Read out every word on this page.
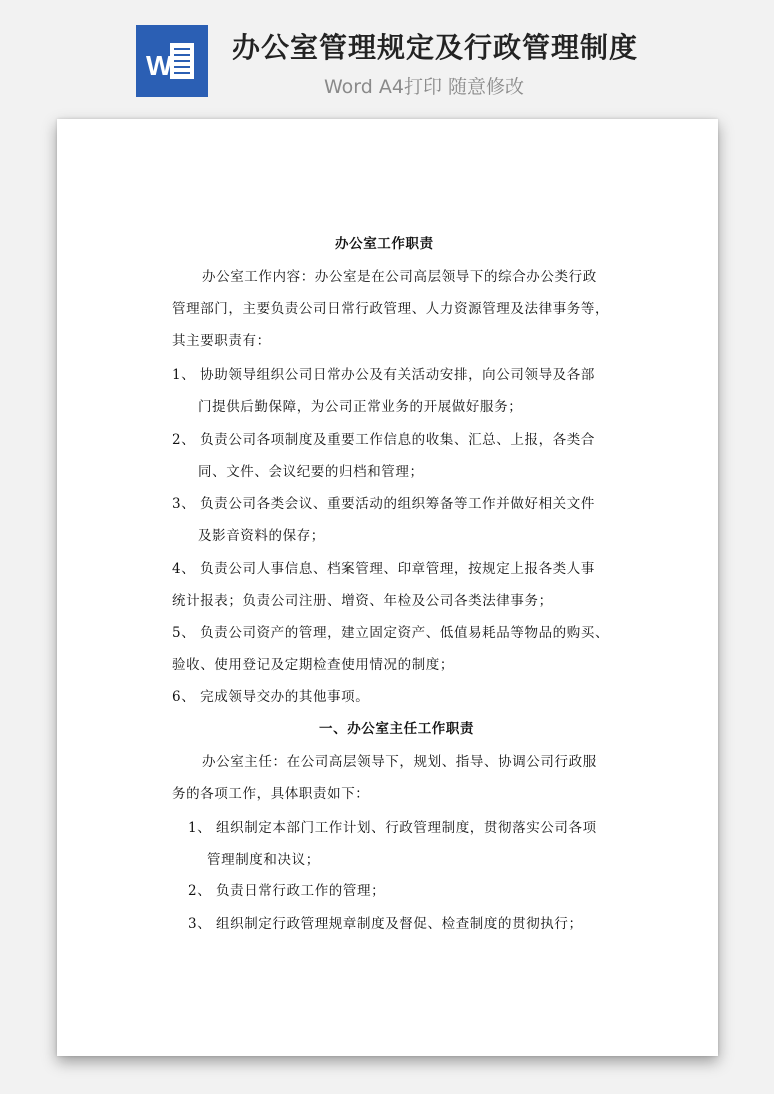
W
办公室管理规定及行政管理制度
Word A4打印 随意修改
办公室工作职责
办公室工作内容：办公室是在公司高层领导下的综合办公类行政
管理部门，主要负责公司日常行政管理、人力资源管理及法律事务等，
其主要职责有：
1、 协助领导组织公司日常办公及有关活动安排，向公司领导及各部
门提供后勤保障，为公司正常业务的开展做好服务；
2、 负责公司各项制度及重要工作信息的收集、汇总、上报，各类合
同、文件、会议纪要的归档和管理；
3、 负责公司各类会议、重要活动的组织筹备等工作并做好相关文件
及影音资料的保存；
4、 负责公司人事信息、档案管理、印章管理，按规定上报各类人事
统计报表；负责公司注册、增资、年检及公司各类法律事务；
5、 负责公司资产的管理，建立固定资产、低值易耗品等物品的购买、
验收、使用登记及定期检查使用情况的制度；
6、 完成领导交办的其他事项。
一、办公室主任工作职责
办公室主任：在公司高层领导下，规划、指导、协调公司行政服
务的各项工作，具体职责如下：
1、 组织制定本部门工作计划、行政管理制度，贯彻落实公司各项
管理制度和决议；
2、 负责日常行政工作的管理；
3、 组织制定行政管理规章制度及督促、检查制度的贯彻执行；
